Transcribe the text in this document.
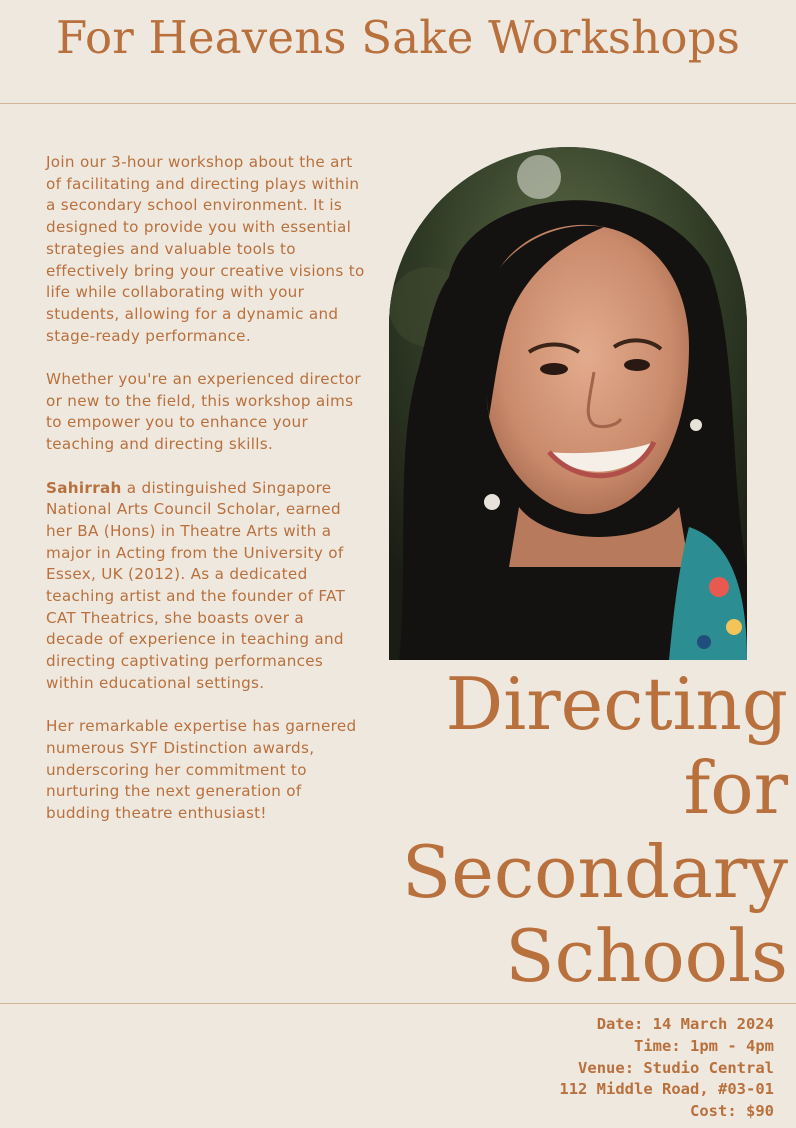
For Heavens Sake Workshops

Join our 3-hour workshop about the art of facilitating and directing plays within a secondary school environment. It is designed to provide you with essential strategies and valuable tools to effectively bring your creative visions to life while collaborating with your students, allowing for a dynamic and stage-ready performance.

Whether you're an experienced director or new to the field, this workshop aims to empower you to enhance your teaching and directing skills.

Sahirrah a distinguished Singapore National Arts Council Scholar, earned her BA (Hons) in Theatre Arts with a major in Acting from the University of Essex, UK (2012). As a dedicated teaching artist and the founder of FAT CAT Theatrics, she boasts over a decade of experience in teaching and directing captivating performances within educational settings.

Her remarkable expertise has garnered numerous SYF Distinction awards, underscoring her commitment to nurturing the next generation of budding theatre enthusiast!

Directing
for
Secondary
Schools
Date: 14 March 2024
Time: 1pm - 4pm
Venue: Studio Central
112 Middle Road, #03-01
Cost: $90
